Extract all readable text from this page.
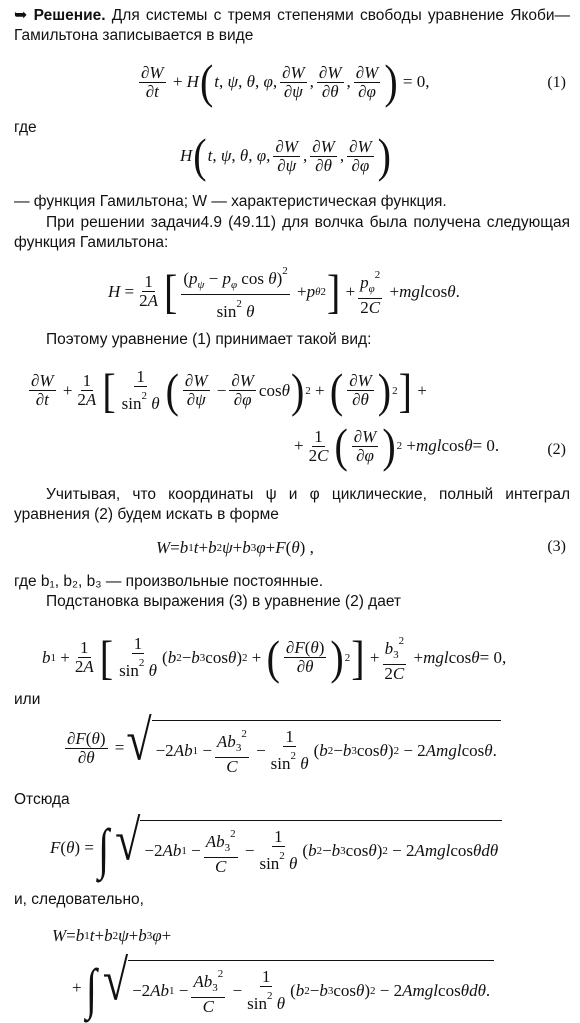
➥ Решение. Для системы с тремя степенями свободы уравнение Якоби—Гамильтона записывается в виде
$\frac{\partial W}{\partial t} + H$ ( t , ψ , θ , φ , $\frac{\partial W}{\partial\psi}$ , $\frac{\partial W}{\partial\theta}$ , $\frac{\partial W}{\partial\varphi}$ ) = 0,	(1)
где
H ( t , ψ , θ , φ , $\frac{\partial W}{\partial\psi}$ , $\frac{\partial W}{\partial\theta}$ , $\frac{\partial W}{\partial\varphi}$ )
— функция Гамильтона; W — характеристическая функция.
При решении задачи4.9 (49.11) для волчка была получена следующая функция Гамильтона:
$H = \frac{1}{2A}$ [ $\frac{(p_\psi - p_\varphi \cos \theta)^2}{\sin^2 \theta} + p$ θ 2 ] + $\frac{p_\varphi^2}{2C}$ + mgl cos θ .
Поэтому уравнение (1) принимает такой вид:
$\frac{\partial W}{\partial t} + \frac{1}{2A}$ [ $\frac{1}{\sin^2 \theta}$ ( $\frac{\partial W}{\partial\psi} - \frac{\partial W}{\partial\varphi}$ cos θ ) 2 + ( $\frac{\partial W}{\partial\theta}$ ) 2 ] +
+ $\frac{1}{2C}$ ( $\frac{\partial W}{\partial\varphi}$ ) 2 + mgl cos θ = 0.	(2)
Учитывая, что координаты ψ и φ циклические, полный интеграл уравнения (2) будем искать в форме
W = b 1 t + b 2 ψ + b 3 φ + F ( θ ) ,	(3)
где b₁, b₂, b₃ — произвольные постоянные.
Подстановка выражения (3) в уравнение (2) дает
b $1 + \frac{1}{2A}$ [ $\frac{1}{\sin^2 \theta}$ ( b 2 − b 3 cos θ ) 2 + ( $\frac{\partial F(\theta)}{\partial\theta}$ ) 2 ] + $\frac{b_3^2}{2C}$ + mgl cos θ = 0,
или
$\frac{\partial F(\theta)}{\partial\theta}$ = √ −2 Ab $1 - \frac{Ab_3^2}{C} - \frac{1}{\sin^2 \theta}$ ( b 2 − b 3 cos θ ) 2 − 2 Amgl cos θ .
Отсюда
F ( θ ) = ∫ √ −2 Ab $1 - \frac{Ab_3^2}{C} - \frac{1}{\sin^2 \theta}$ ( b 2 − b 3 cos θ ) 2 − 2 Amgl cos θ dθ
и, следовательно,
W = b 1 t + b 2 ψ + b 3 φ +
+ ∫ √ −2 Ab $1 - \frac{Ab_3^2}{C} - \frac{1}{\sin^2 \theta}$ ( b 2 − b 3 cos θ ) 2 − 2 Amgl cos θ dθ .
